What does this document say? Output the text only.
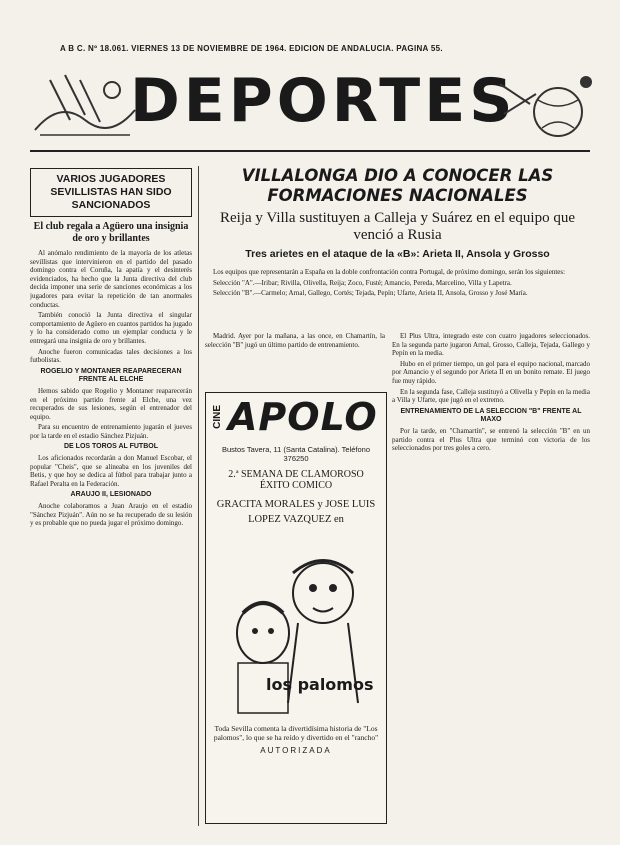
A B C. Nº 18.061. VIERNES 13 DE NOVIEMBRE DE 1964. EDICION DE ANDALUCIA. PAGINA 55.
DEPORTES
VARIOS JUGADORES SEVILLISTAS HAN SIDO SANCIONADOS
El club regala a Agüero una insignia de oro y brillantes

Al anómalo rendimiento de la mayoría de los atletas sevillistas que intervinieron en el partido del pasado domingo contra el Coruña, la apatía y el desinterés evidenciados, ha hecho que la Junta directiva del club decida imponer una serie de sanciones económicas a los jugadores para evitar la repetición de tan anormales conductas.

También conoció la Junta directiva el singular comportamiento de Agüero en cuantos partidos ha jugado y lo ha considerado como un ejemplar conducta y le entregará una insignia de oro y brillantes.

Anoche fueron comunicadas tales decisiones a los futbolistas.

ROGELIO Y MONTANER REAPARECERAN FRENTE AL ELCHE

Hemos sabido que Rogelio y Montaner reaparecerán en el próximo partido frente al Elche, una vez recuperados de sus lesiones, según el entrenador del equipo.

Para su encuentro de entrenamiento jugarán el jueves por la tarde en el estadio Sánchez Pizjuán.

DE LOS TOROS AL FUTBOL

Los aficionados recordarán a don Manuel Escobar, el popular "Cheis", que se alineaba en los juveniles del Betis, y que hoy se dedica al fútbol para trabajar junto a Rafael Peralta en la Federación.

ARAUJO II, LESIONADO

Anoche colaboramos a Juan Araujo en el estadio "Sánchez Pizjuán". Aún no se ha recuperado de su lesión y es probable que no pueda jugar el próximo domingo.

VILLALONGA DIO A CONOCER LAS FORMACIONES NACIONALES
Reija y Villa sustituyen a Calleja y Suárez en el equipo que venció a Rusia
Tres arietes en el ataque de la «B»: Arieta II, Ansola y Grosso

Los equipos que representarán a España en la doble confrontación contra Portugal, de próximo domingo, serán los siguientes:

Selección "A".—Iribar; Rivilla, Olivella, Reija; Zoco, Fusté; Amancio, Pereda, Marcelino, Villa y Lapetra.

Selección "B".—Carmelo; Arnal, Gallego, Cortés; Tejada, Pepín; Ufarte, Arieta II, Ansola, Grosso y José María.

Madrid. Ayer por la mañana, a las once, en Chamartín, la selección "B" jugó un último partido de entrenamiento.

CINE APOLO
Bustos Tavera, 11 (Santa Catalina). Teléfono 376250
2.ª SEMANA DE CLAMOROSO ÉXITO COMICO
GRACITA MORALES y JOSE LUIS LOPEZ VAZQUEZ en
los palomos
Toda Sevilla comenta la divertidísima historia de "Los palomos", lo que se ha reído y divertido en el "rancho"
AUTORIZADA

El Plus Ultra, integrado este con cuatro jugadores seleccionados. En la segunda parte jugaron Arnal, Grosso, Calleja, Tejada, Gallego y Pepín en la media.

Hubo en el primer tiempo, un gol para el equipo nacional, marcado por Amancio y el segundo por Arieta II en un bonito remate. El juego fue muy rápido.

En la segunda fase, Calleja sustituyó a Olivella y Pepín en la media a Villa y Ufarte, que jugó en el extremo.

ENTRENAMIENTO DE LA SELECCION "B" FRENTE AL MAXO

Por la tarde, en "Chamartín", se entrenó la selección "B" en un partido contra el Plus Ultra que terminó con victoria de los seleccionados por tres goles a cero.
